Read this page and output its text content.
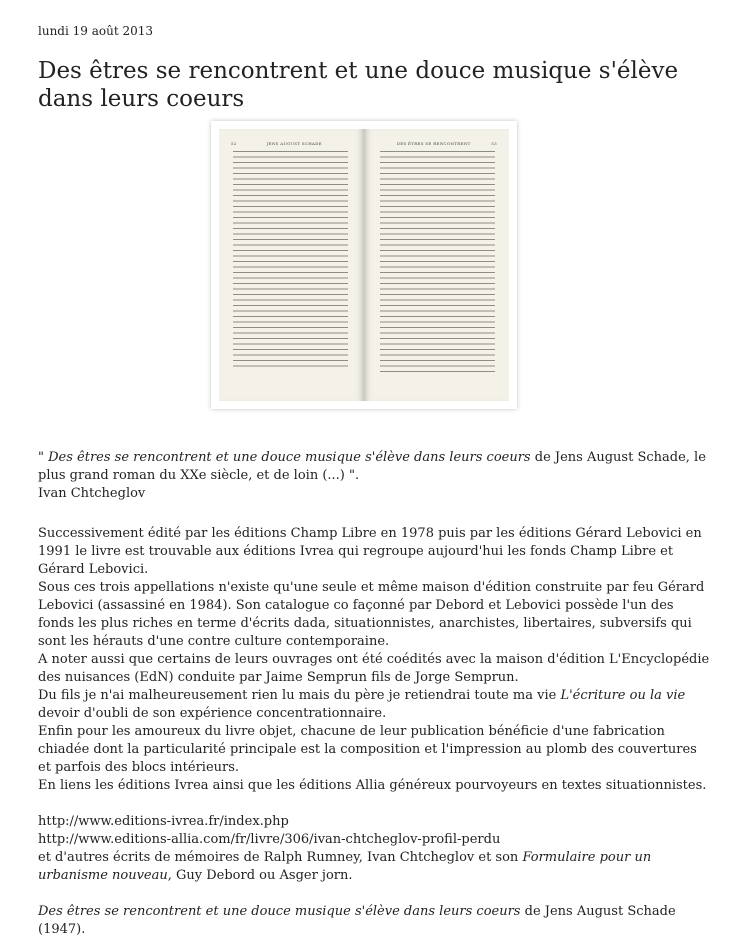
lundi 19 août 2013
Des êtres se rencontrent et une douce musique s'élève dans leurs coeurs
52	JENS AUGUST SCHADE	DES ÊTRES SE RENCONTRENT	53

" Des êtres se rencontrent et une douce musique s'élève dans leurs coeurs de Jens August Schade, le plus grand roman du XXe siècle, et de loin (...) ".

Ivan Chtcheglov

Successivement édité par les éditions Champ Libre en 1978 puis par les éditions Gérard Lebovici en 1991 le livre est trouvable aux éditions Ivrea qui regroupe aujourd'hui les fonds Champ Libre et Gérard Lebovici.

Sous ces trois appellations n'existe qu'une seule et même maison d'édition construite par feu Gérard Lebovici (assassiné en 1984). Son catalogue co façonné par Debord et Lebovici possède l'un des fonds les plus riches en terme d'écrits dada, situationnistes, anarchistes, libertaires, subversifs qui sont les hérauts d'une contre culture contemporaine.

A noter aussi que certains de leurs ouvrages ont été coédités avec la maison d'édition L'Encyclopédie des nuisances (EdN) conduite par Jaime Semprun fils de Jorge Semprun.

Du fils je n'ai malheureusement rien lu mais du père je retiendrai toute ma vie L'écriture ou la vie devoir d'oubli de son expérience concentrationnaire.

Enfin pour les amoureux du livre objet, chacune de leur publication bénéficie d'une fabrication chiadée dont la particularité principale est la composition et l'impression au plomb des couvertures et parfois des blocs intérieurs.

En liens les éditions Ivrea ainsi que les éditions Allia généreux pourvoyeurs en textes situationnistes.

http://www.editions-ivrea.fr/index.php

http://www.editions-allia.com/fr/livre/306/ivan-chtcheglov-profil-perdu

et d'autres écrits de mémoires de Ralph Rumney, Ivan Chtcheglov et son Formulaire pour un urbanisme nouveau, Guy Debord ou Asger jorn.

Des êtres se rencontrent et une douce musique s'élève dans leurs coeurs de Jens August Schade (1947).
